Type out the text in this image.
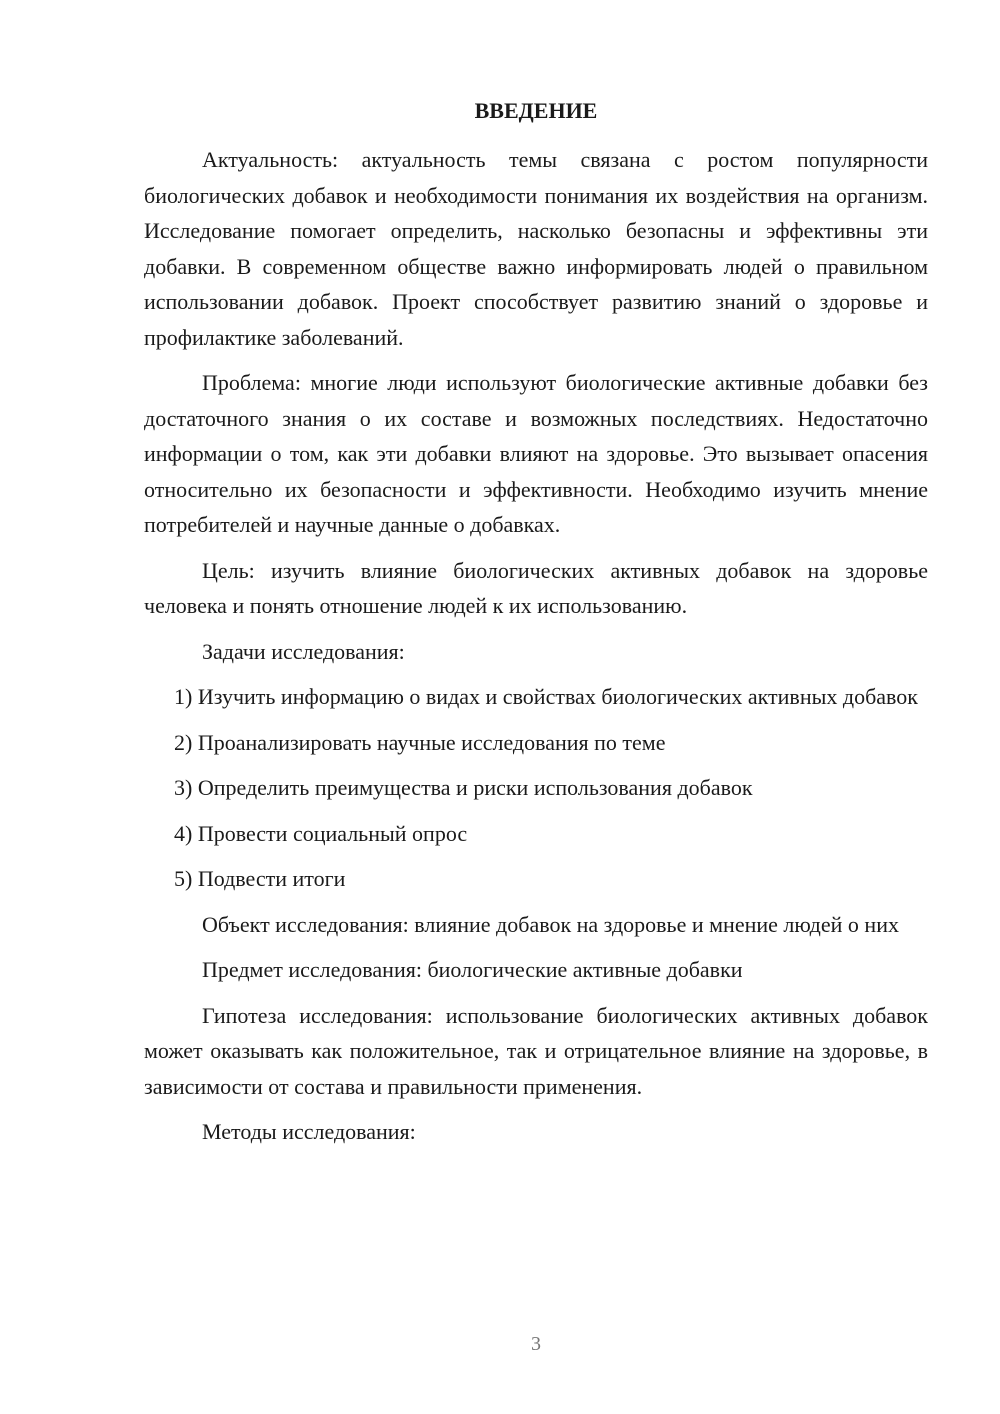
ВВЕДЕНИЕ

Актуальность: актуальность темы связана с ростом популярности биологических добавок и необходимости понимания их воздействия на организм. Исследование помогает определить, насколько безопасны и эффективны эти добавки. В современном обществе важно информировать людей о правильном использовании добавок. Проект способствует развитию знаний о здоровье и профилактике заболеваний.

Проблема: многие люди используют биологические активные добавки без достаточного знания о их составе и возможных последствиях. Недостаточно информации о том, как эти добавки влияют на здоровье. Это вызывает опасения относительно их безопасности и эффективности. Необходимо изучить мнение потребителей и научные данные о добавках.

Цель: изучить влияние биологических активных добавок на здоровье человека и понять отношение людей к их использованию.

Задачи исследования:

1) Изучить информацию о видах и свойствах биологических активных добавок

2) Проанализировать научные исследования по теме

3) Определить преимущества и риски использования добавок

4) Провести социальный опрос

5) Подвести итоги

Объект исследования: влияние добавок на здоровье и мнение людей о них

Предмет исследования: биологические активные добавки

Гипотеза исследования: использование биологических активных добавок может оказывать как положительное, так и отрицательное влияние на здоровье, в зависимости от состава и правильности применения.

Методы исследования:

3
